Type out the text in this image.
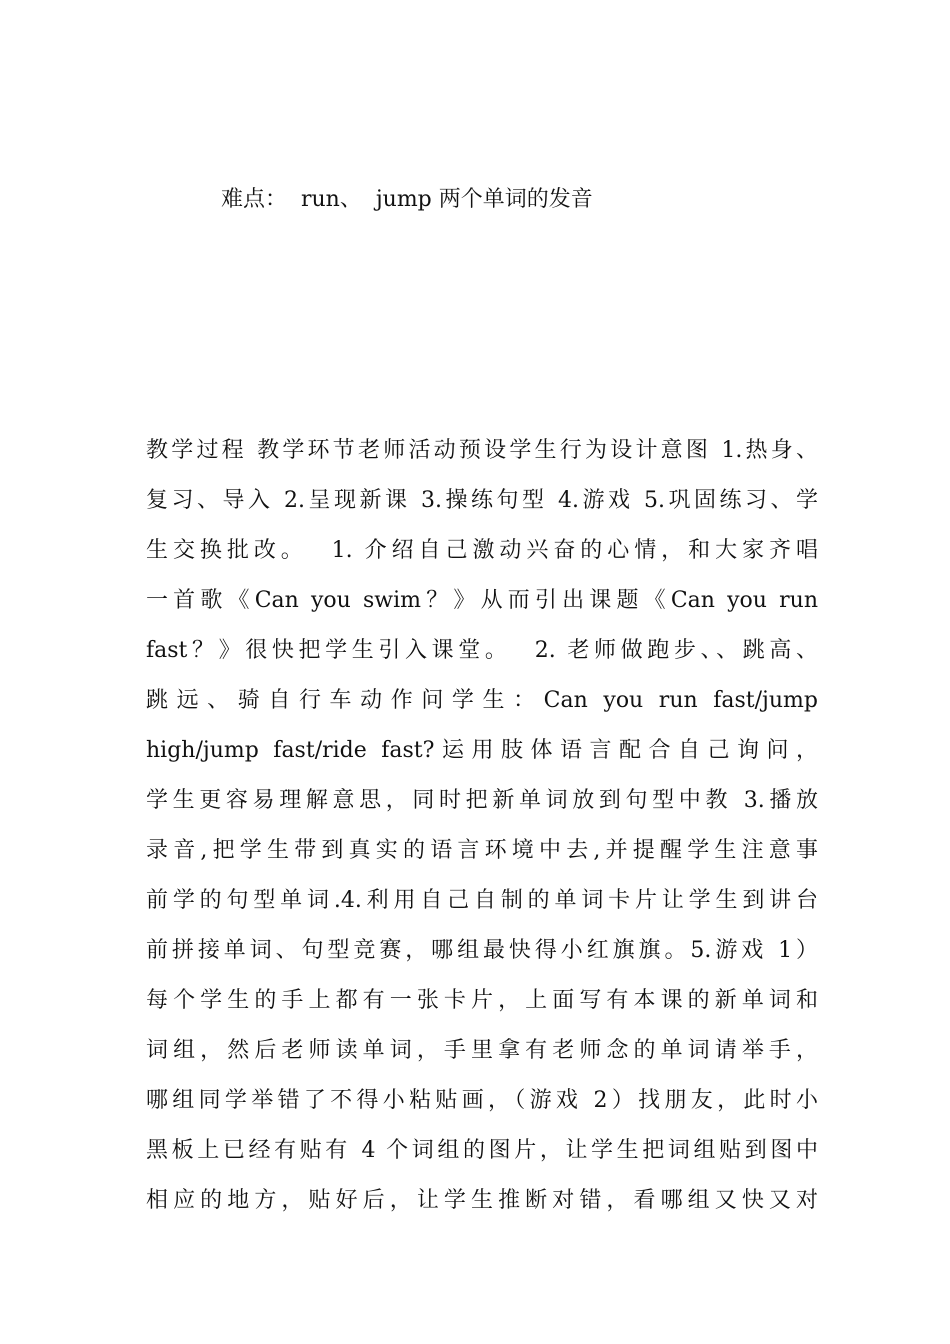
难点：  run、  jump 两个单词的发音
教学过程 教学环节老师活动预设学生行为设计意图 1.热身、
复习、导入 2.呈现新课 3.操练句型 4.游戏 5.巩固练习、学
生交换批改。  1. 介绍自己激动兴奋的心情，和大家齐唱
一首歌《Can you swim？》从而引出课题《Can you run
fast？》很快把学生引入课堂。  2. 老师做跑步、、跳高、
跳远、骑自行车动作问学生：Can you run fast/jump
high/jump fast/ride fast?运用肢体语言配合自己询问，
学生更容易理解意思，同时把新单词放到句型中教 3.播放
录音,把学生带到真实的语言环境中去,并提醒学生注意事
前学的句型单词.4.利用自己自制的单词卡片让学生到讲台
前拼接单词、句型竞赛，哪组最快得小红旗旗。5.游戏 1）
每个学生的手上都有一张卡片，上面写有本课的新单词和
词组，然后老师读单词，手里拿有老师念的单词请举手，
哪组同学举错了不得小粘贴画，（游戏 2）找朋友，此时小
黑板上已经有贴有 4 个词组的图片，让学生把词组贴到图中
相应的地方，贴好后，让学生推断对错，看哪组又快又对
